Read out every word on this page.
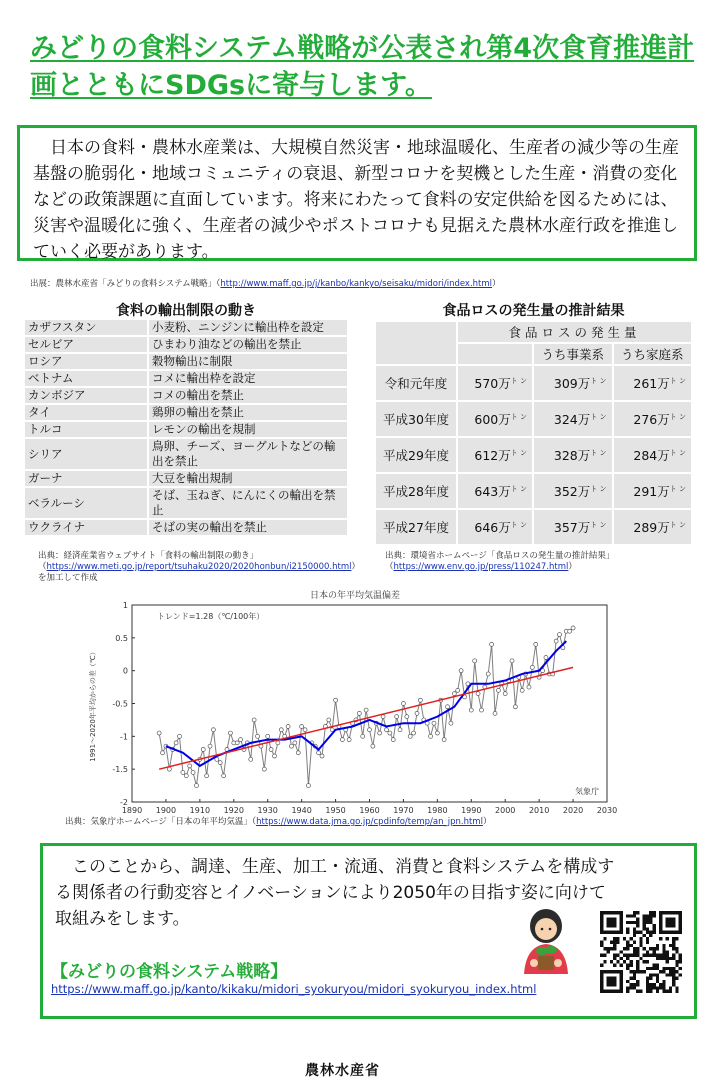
みどりの食料システム戦略が公表され第4次食育推進計画とともにSDGsに寄与します。
日本の食料・農林水産業は、大規模自然災害・地球温暖化、生産者の減少等の生産基盤の脆弱化・地域コミュニティの衰退、新型コロナを契機とした生産・消費の変化などの政策課題に直面しています。将来にわたって食料の安定供給を図るためには、災害や温暖化に強く、生産者の減少やポストコロナも見据えた農林水産行政を推進していく必要があります。
出展：農林水産省「みどりの食料システム戦略」（http://www.maff.go.jp/j/kanbo/kankyo/seisaku/midori/index.html）
食料の輸出制限の動き
カザフスタン	小麦粉、ニンジンに輸出枠を設定
セルビア	ひまわり油などの輸出を禁止
ロシア	穀物輸出に制限
ベトナム	コメに輸出枠を設定
カンボジア	コメの輸出を禁止
タイ	鶏卵の輸出を禁止
トルコ	レモンの輸出を規制
シリア	鳥卵、チーズ、ヨーグルトなどの輸出を禁止
ガーナ	大豆を輸出規制
ベラルーシ	そば、玉ねぎ、にんにくの輸出を禁止
ウクライナ	そばの実の輸出を禁止
出典：経済産業省ウェブサイト「食料の輸出制限の動き」
（https://www.meti.go.jp/report/tsuhaku2020/2020honbun/i2150000.html）を加工して作成
食品ロスの発生量の推計結果
	食品ロスの発生量		
		うち事業系	うち家庭系
令和元年度	570万$^{ト ン}$	309万$^{ト ン}$	261万$^{ト ン}$
平成30年度	600万$^{ト ン}$	324万$^{ト ン}$	276万$^{ト ン}$
平成29年度	612万$^{ト ン}$	328万$^{ト ン}$	284万$^{ト ン}$
平成28年度	643万$^{ト ン}$	352万$^{ト ン}$	291万$^{ト ン}$
平成27年度	646万$^{ト ン}$	357万$^{ト ン}$	289万$^{ト ン}$
出典：環境省ホームページ「食品ロスの発生量の推計結果」
（https://www.env.go.jp/press/110247.html）
日本の年平均気温偏差
1890 1900 1910 1920 1930 1940 1950 1960 1970 1980 1990 2000 2010 2020 2030
1
0.5
0
-0.5
-1
-1.5
-2
トレンド=1.28（℃/100年）
気象庁
1991～2020年平均からの差（℃）
出典：気象庁ホームページ「日本の年平均気温」（https://www.data.jma.go.jp/cpdinfo/temp/an_jpn.html）
このことから、調達、生産、加工・流通、消費と食料システムを構成する関係者の行動変容とイノベーションにより2050年の目指す姿に向けて取組みをします。
【みどりの食料システム戦略】
https://www.maff.go.jp/kanto/kikaku/midori_syokuryou/midori_syokuryou_index.html
農林水産省
